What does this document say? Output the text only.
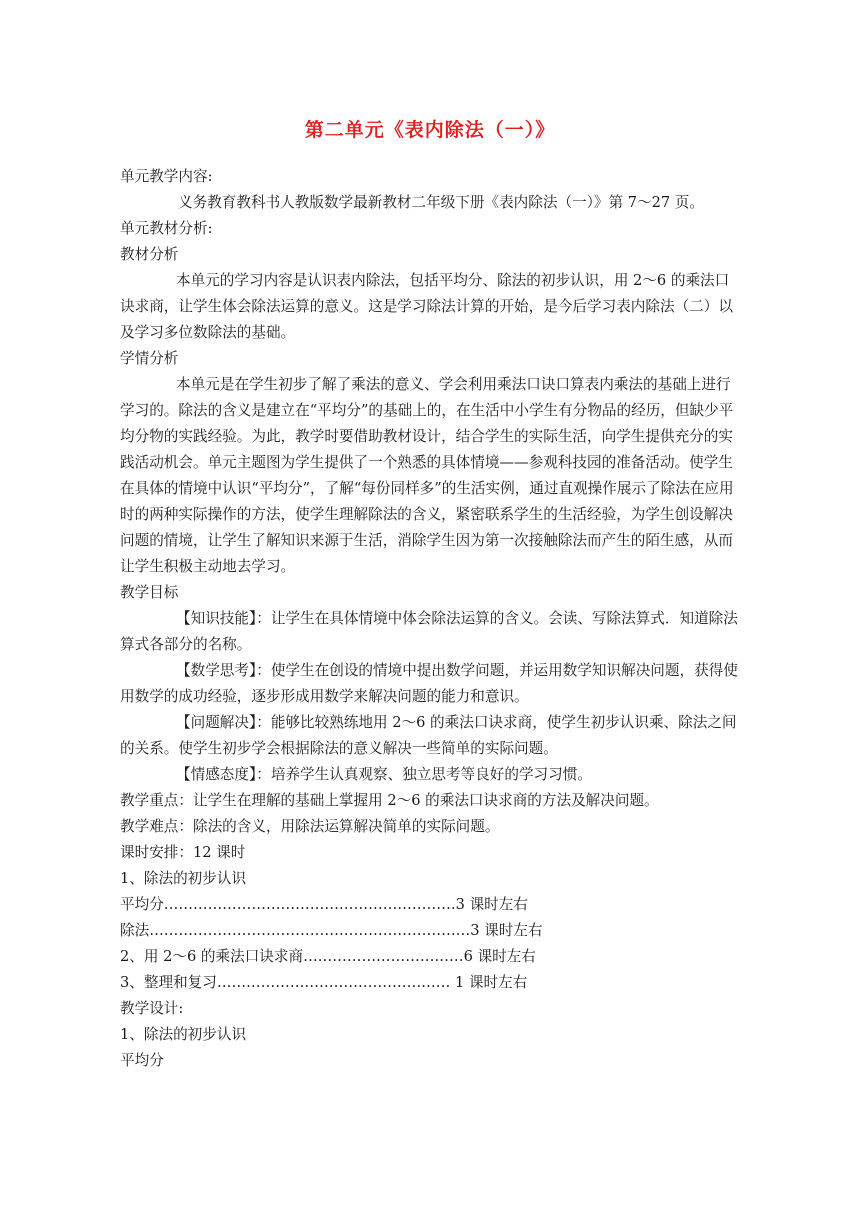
第二单元《表内除法（一）》

单元教学内容:

义务教育教科书人教版数学最新教材二年级下册《表内除法（一）》第 7～27 页。

单元教材分析:

教材分析

本单元的学习内容是认识表内除法，包括平均分、除法的初步认识，用 2～6 的乘法口诀求商，让学生体会除法运算的意义。这是学习除法计算的开始，是今后学习表内除法（二）以及学习多位数除法的基础。

学情分析

本单元是在学生初步了解了乘法的意义、学会利用乘法口诀口算表内乘法的基础上进行学习的。除法的含义是建立在“平均分”的基础上的，在生活中小学生有分物品的经历，但缺少平均分物的实践经验。为此，教学时要借助教材设计，结合学生的实际生活，向学生提供充分的实践活动机会。单元主题图为学生提供了一个熟悉的具体情境——参观科技园的准备活动。使学生在具体的情境中认识“平均分”，了解“每份同样多”的生活实例，通过直观操作展示了除法在应用时的两种实际操作的方法，使学生理解除法的含义，紧密联系学生的生活经验，为学生创设解决问题的情境，让学生了解知识来源于生活，消除学生因为第一次接触除法而产生的陌生感，从而让学生积极主动地去学习。

教学目标

【知识技能】：让学生在具体情境中体会除法运算的含义。会读、写除法算式．知道除法算式各部分的名称。

【数学思考】：使学生在创设的情境中提出数学问题，并运用数学知识解决问题，获得使用数学的成功经验，逐步形成用数学来解决问题的能力和意识。

【问题解决】：能够比较熟练地用 2～6 的乘法口诀求商，使学生初步认识乘、除法之间的关系。使学生初步学会根据除法的意义解决一些简单的实际问题。

【情感态度】：培养学生认真观察、独立思考等良好的学习习惯。

教学重点：让学生在理解的基础上掌握用 2～6 的乘法口诀求商的方法及解决问题。

教学难点：除法的含义，用除法运算解决简单的实际问题。

课时安排：12 课时

1、除法的初步认识

平均分……………………………………………………3 课时左右

除法…………………………………………………………3 课时左右

2、用 2～6 的乘法口诀求商……………………………6 课时左右

3、整理和复习………………………………………… 1 课时左右

教学设计:

1、除法的初步认识

平均分
